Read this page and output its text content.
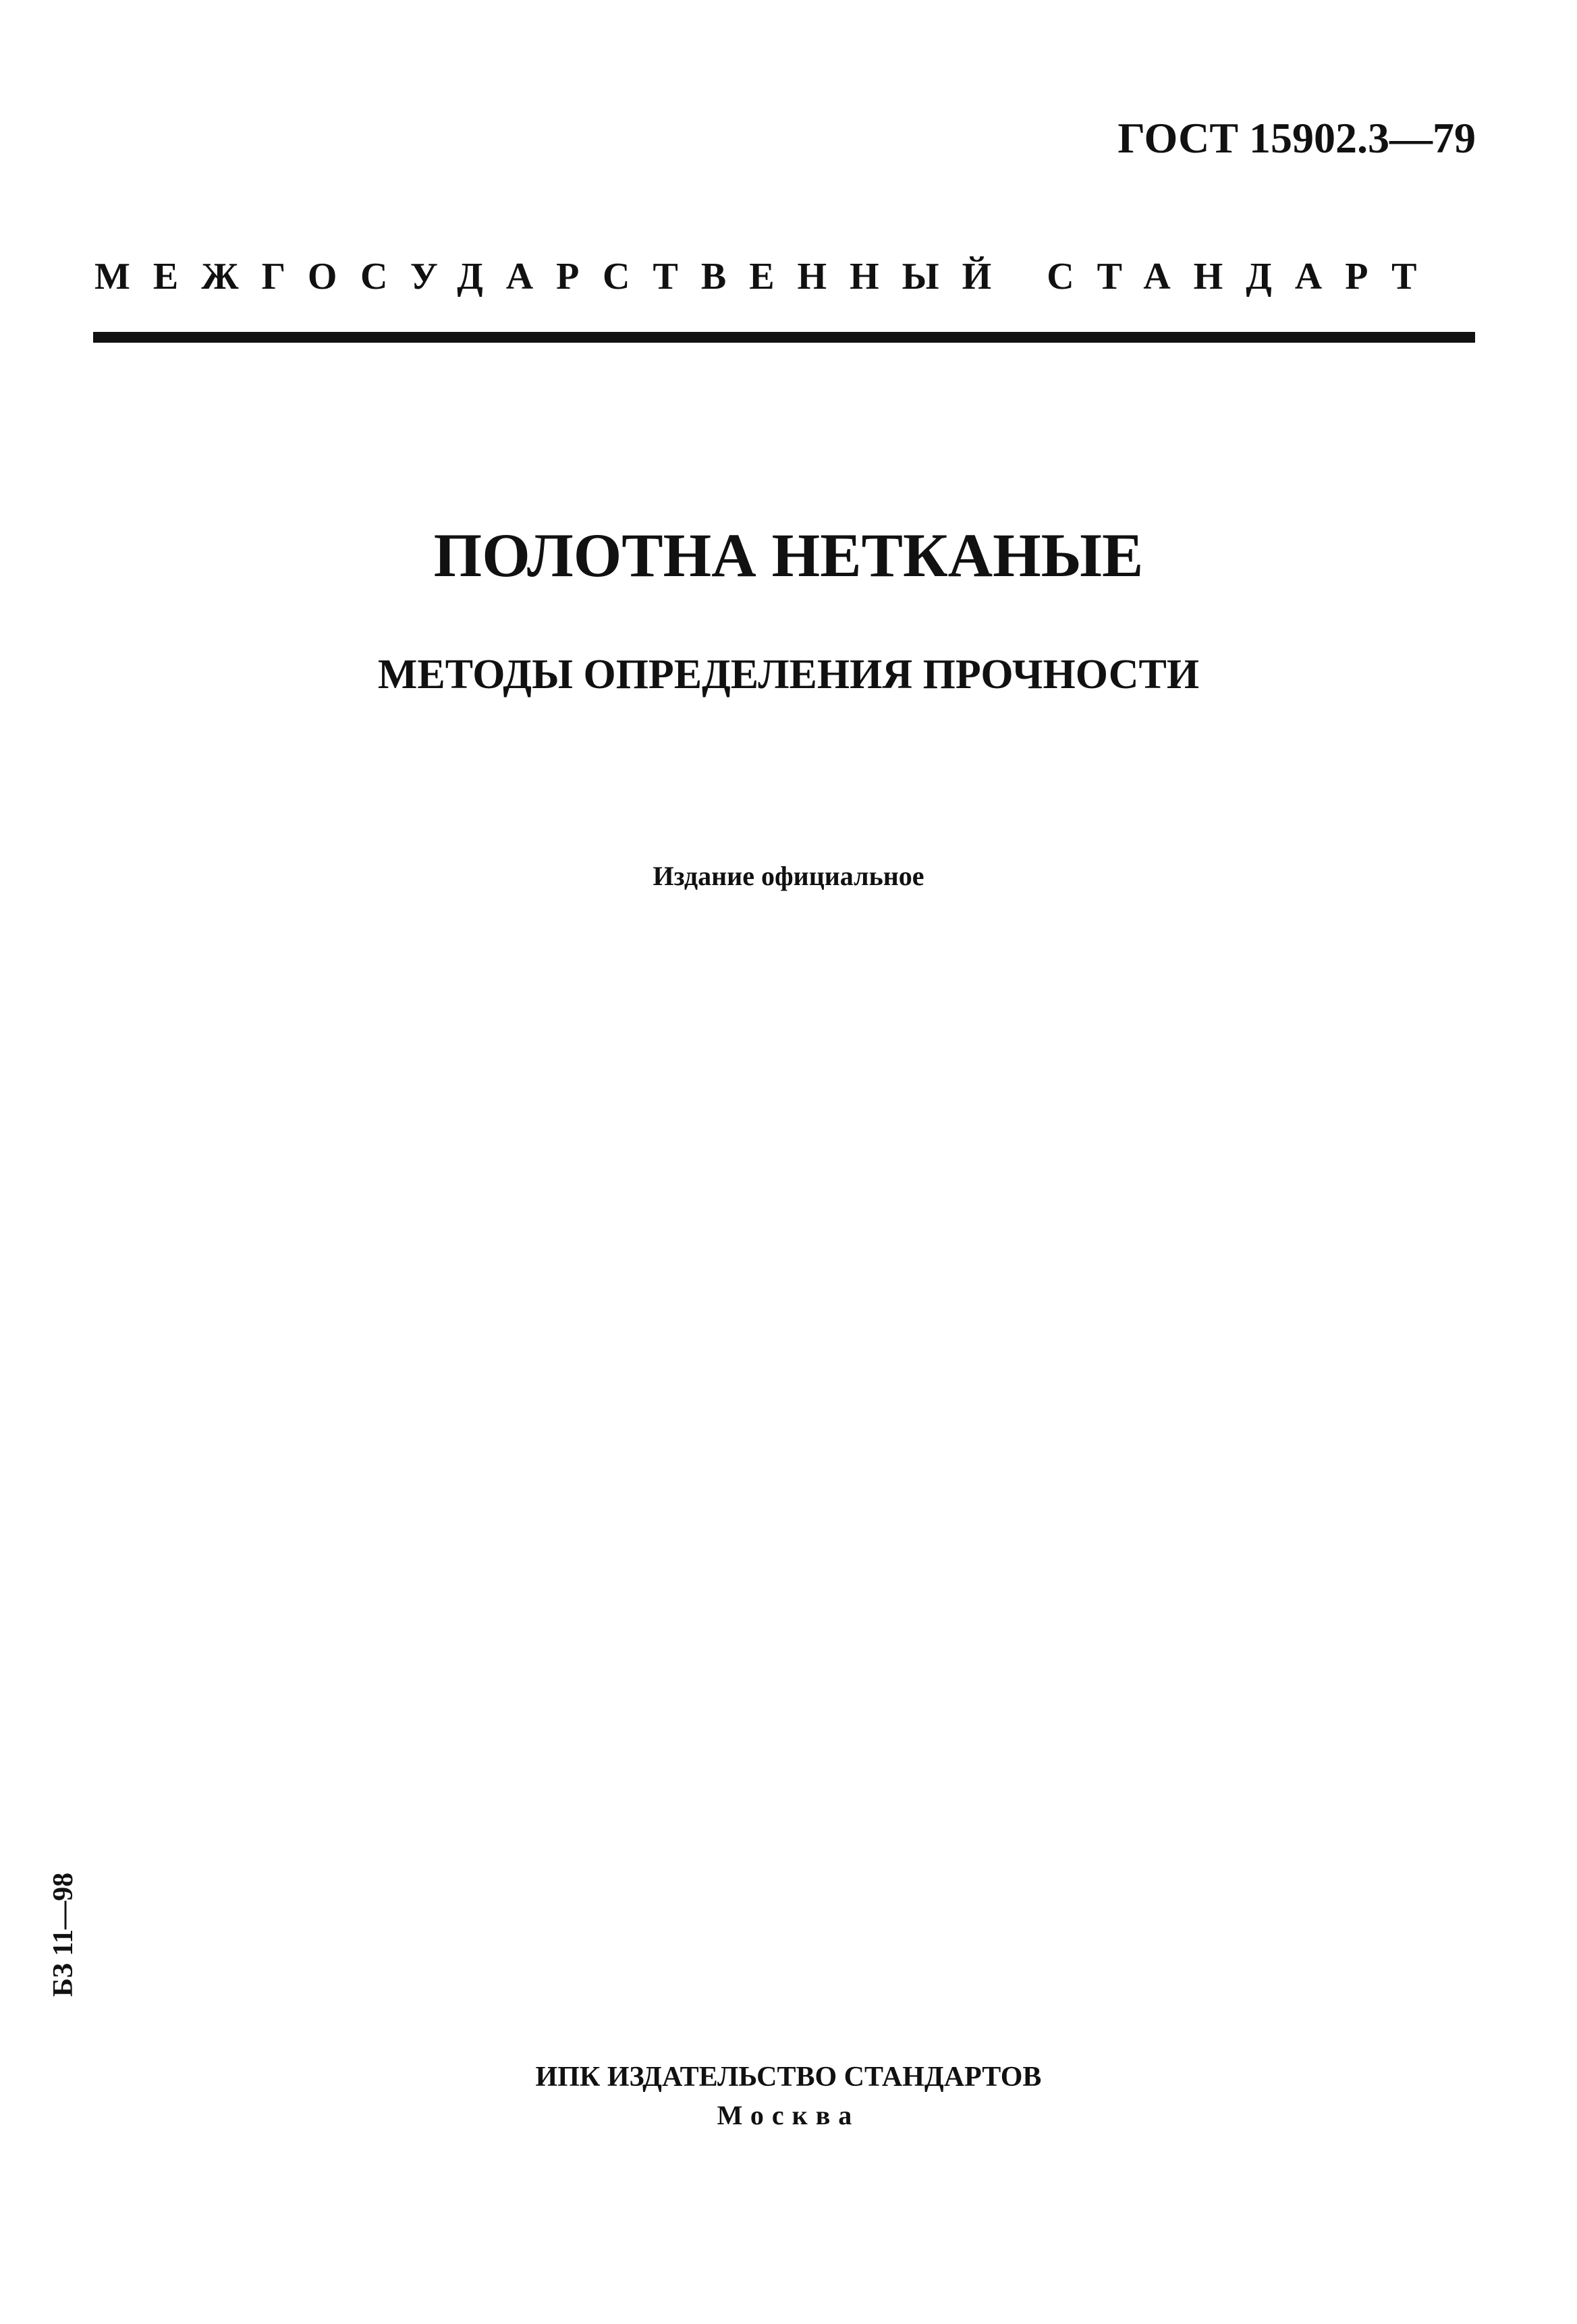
ГОСТ 15902.3—79
МЕЖГОСУДАРСТВЕННЫЙ СТАНДАРТ
ПОЛОТНА НЕТКАНЫЕ
МЕТОДЫ ОПРЕДЕЛЕНИЯ ПРОЧНОСТИ
Издание официальное
БЗ 11—98
ИПК ИЗДАТЕЛЬСТВО СТАНДАРТОВ
Москва
